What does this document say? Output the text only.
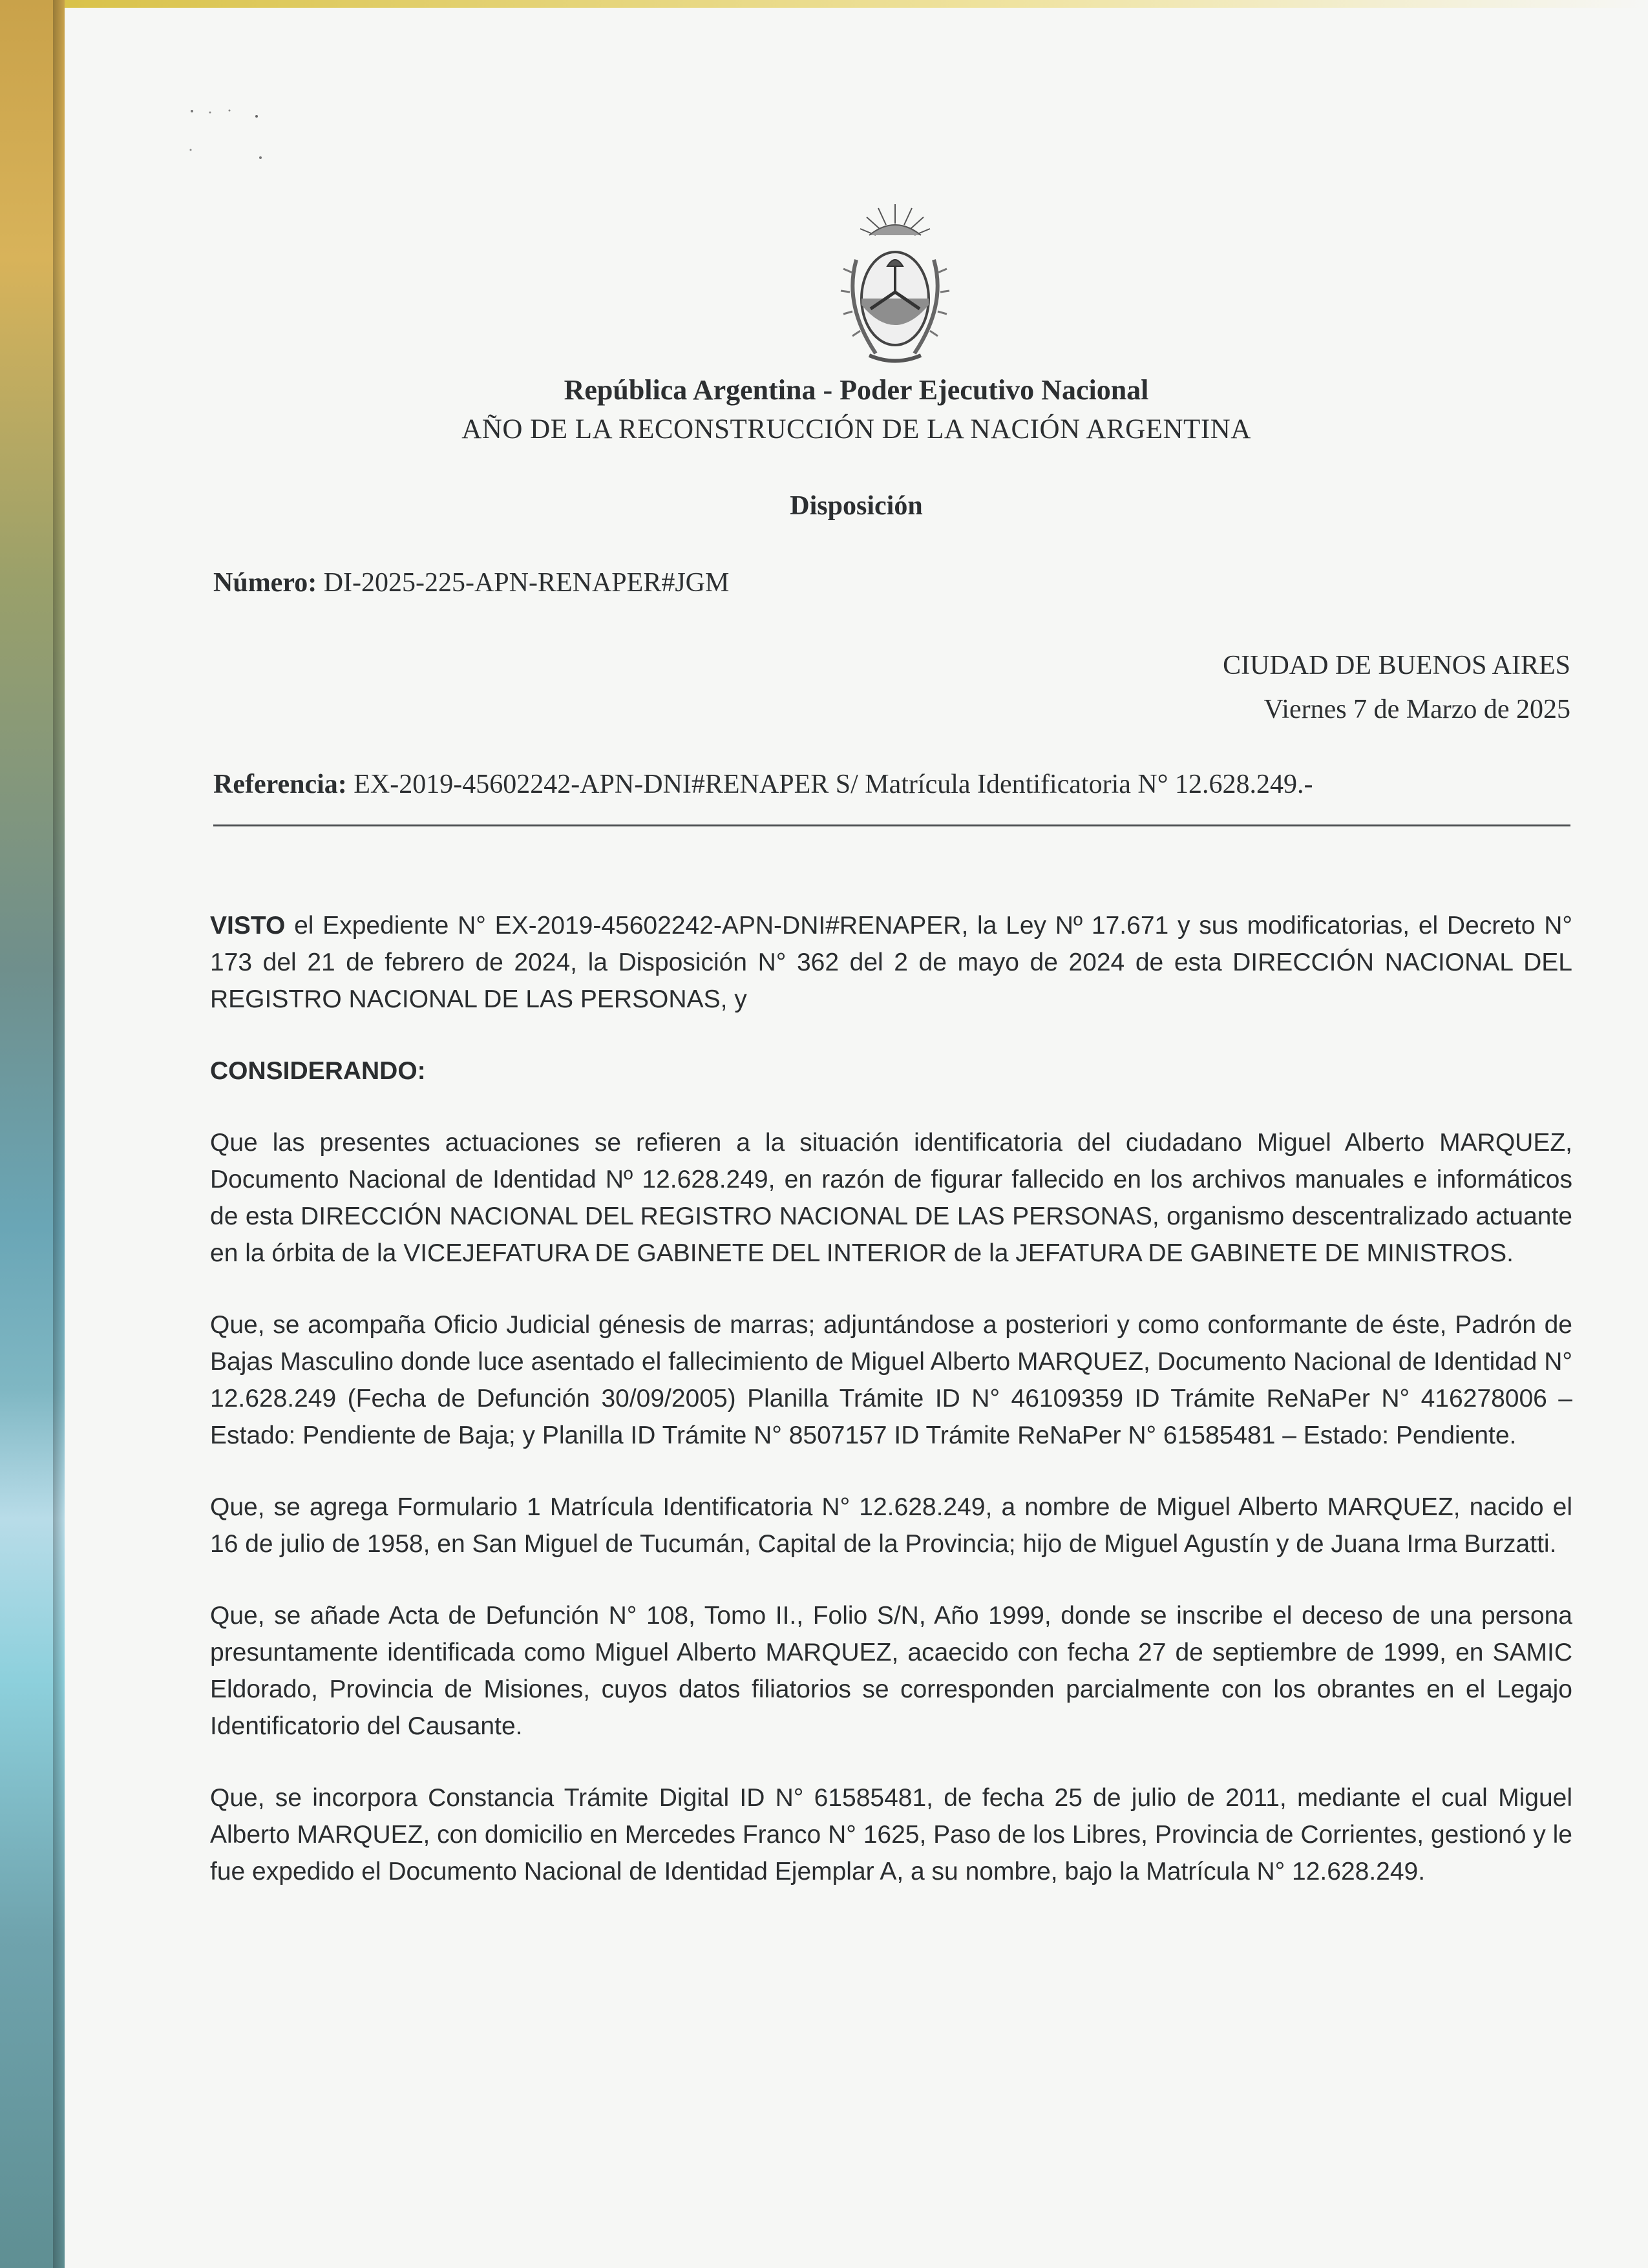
República Argentina - Poder Ejecutivo Nacional
AÑO DE LA RECONSTRUCCIÓN DE LA NACIÓN ARGENTINA
Disposición
Número: DI-2025-225-APN-RENAPER#JGM
CIUDAD DE BUENOS AIRES
Viernes 7 de Marzo de 2025
Referencia: EX-2019-45602242-APN-DNI#RENAPER S/ Matrícula Identificatoria N° 12.628.249.-

VISTO el Expediente N° EX-2019-45602242-APN-DNI#RENAPER, la Ley Nº 17.671 y sus modificatorias, el Decreto N° 173 del 21 de febrero de 2024, la Disposición N° 362 del 2 de mayo de 2024 de esta DIRECCIÓN NACIONAL DEL REGISTRO NACIONAL DE LAS PERSONAS, y

CONSIDERANDO:

Que las presentes actuaciones se refieren a la situación identificatoria del ciudadano Miguel Alberto MARQUEZ, Documento Nacional de Identidad Nº 12.628.249, en razón de figurar fallecido en los archivos manuales e informáticos de esta DIRECCIÓN NACIONAL DEL REGISTRO NACIONAL DE LAS PERSONAS, organismo descentralizado actuante en la órbita de la VICEJEFATURA DE GABINETE DEL INTERIOR de la JEFATURA DE GABINETE DE MINISTROS.

Que, se acompaña Oficio Judicial génesis de marras; adjuntándose a posteriori y como conformante de éste, Padrón de Bajas Masculino donde luce asentado el fallecimiento de Miguel Alberto MARQUEZ, Documento Nacional de Identidad N° 12.628.249 (Fecha de Defunción 30/09/2005) Planilla Trámite ID N° 46109359 ID Trámite ReNaPer N° 416278006 – Estado: Pendiente de Baja; y Planilla ID Trámite N° 8507157 ID Trámite ReNaPer N° 61585481 – Estado: Pendiente.

Que, se agrega Formulario 1 Matrícula Identificatoria N° 12.628.249, a nombre de Miguel Alberto MARQUEZ, nacido el 16 de julio de 1958, en San Miguel de Tucumán, Capital de la Provincia; hijo de Miguel Agustín y de Juana Irma Burzatti.

Que, se añade Acta de Defunción N° 108, Tomo II., Folio S/N, Año 1999, donde se inscribe el deceso de una persona presuntamente identificada como Miguel Alberto MARQUEZ, acaecido con fecha 27 de septiembre de 1999, en SAMIC Eldorado, Provincia de Misiones, cuyos datos filiatorios se corresponden parcialmente con los obrantes en el Legajo Identificatorio del Causante.

Que, se incorpora Constancia Trámite Digital ID N° 61585481, de fecha 25 de julio de 2011, mediante el cual Miguel Alberto MARQUEZ, con domicilio en Mercedes Franco N° 1625, Paso de los Libres, Provincia de Corrientes, gestionó y le fue expedido el Documento Nacional de Identidad Ejemplar A, a su nombre, bajo la Matrícula N° 12.628.249.
